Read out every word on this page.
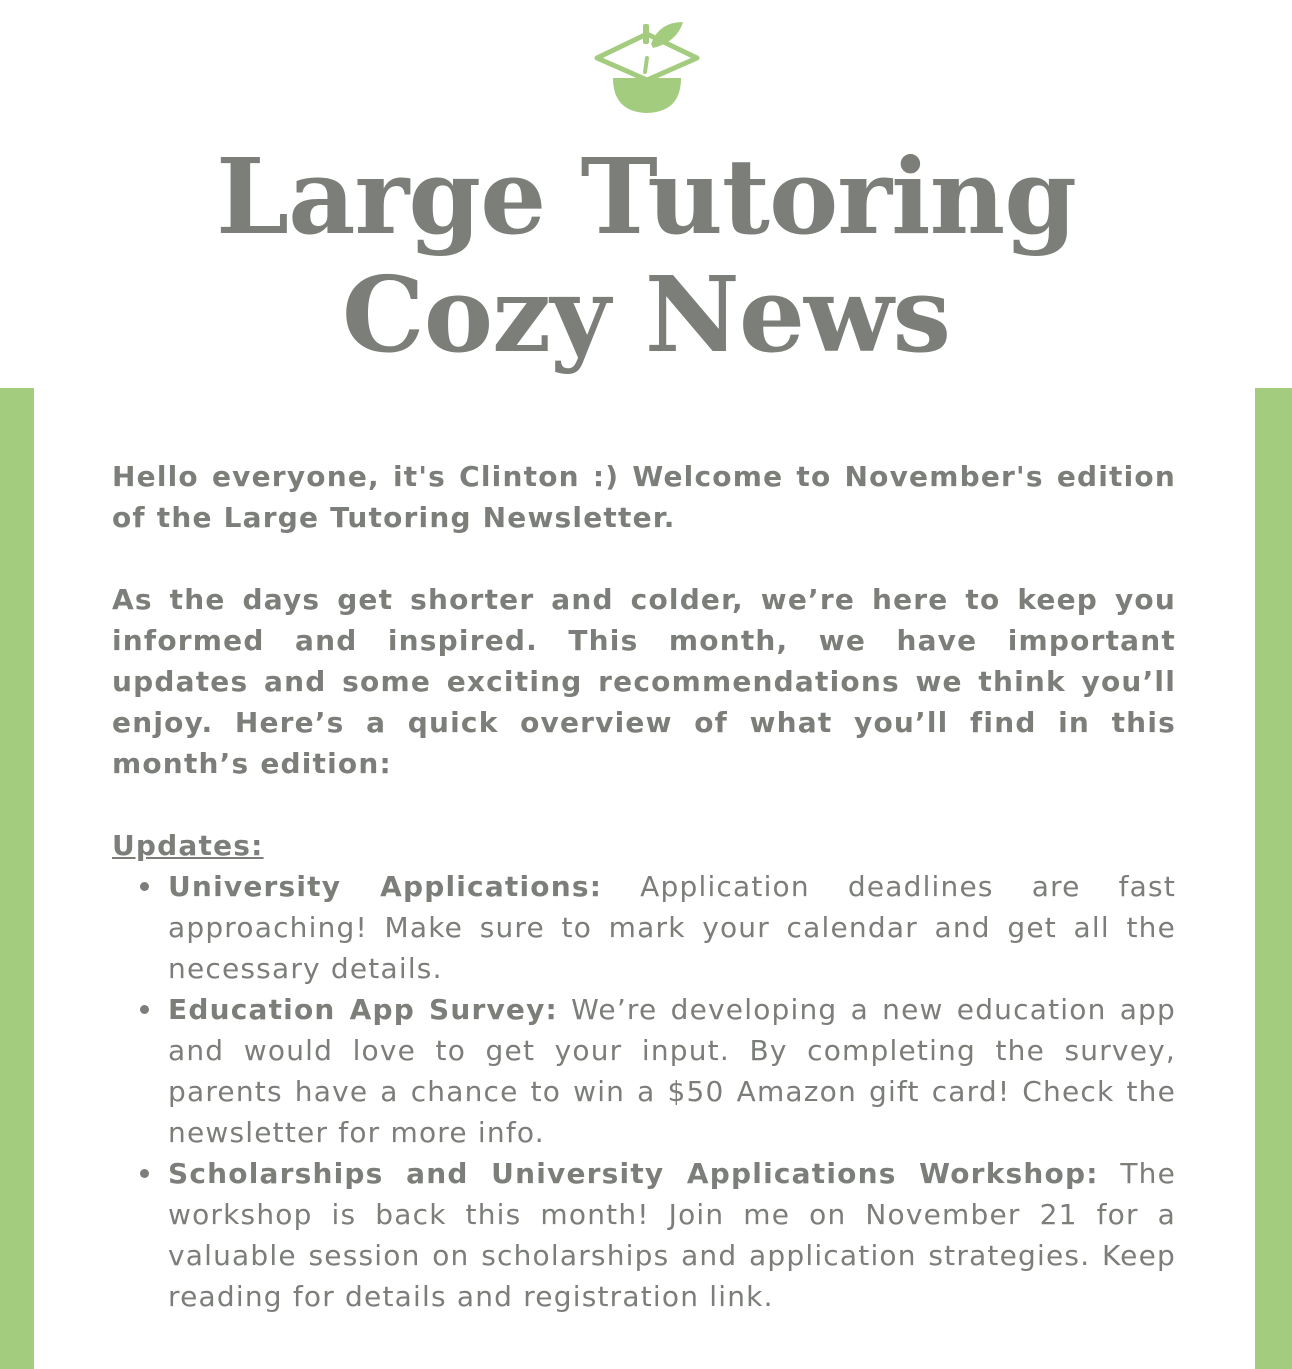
Large Tutoring
Cozy News

Hello everyone, it's Clinton :) Welcome to November's edition of the Large Tutoring Newsletter.

As the days get shorter and colder, we’re here to keep you informed and inspired. This month, we have important updates and some exciting recommendations we think you’ll enjoy. Here’s a quick overview of what you’ll find in this month’s edition:

Updates:
University Applications: Application deadlines are fast approaching! Make sure to mark your calendar and get all the necessary details.
Education App Survey: We’re developing a new education app and would love to get your input. By completing the survey, parents have a chance to win a $50 Amazon gift card! Check the newsletter for more info.
Scholarships and University Applications Workshop: The workshop is back this month! Join me on November 21 for a valuable session on scholarships and application strategies. Keep reading for details and registration link.
